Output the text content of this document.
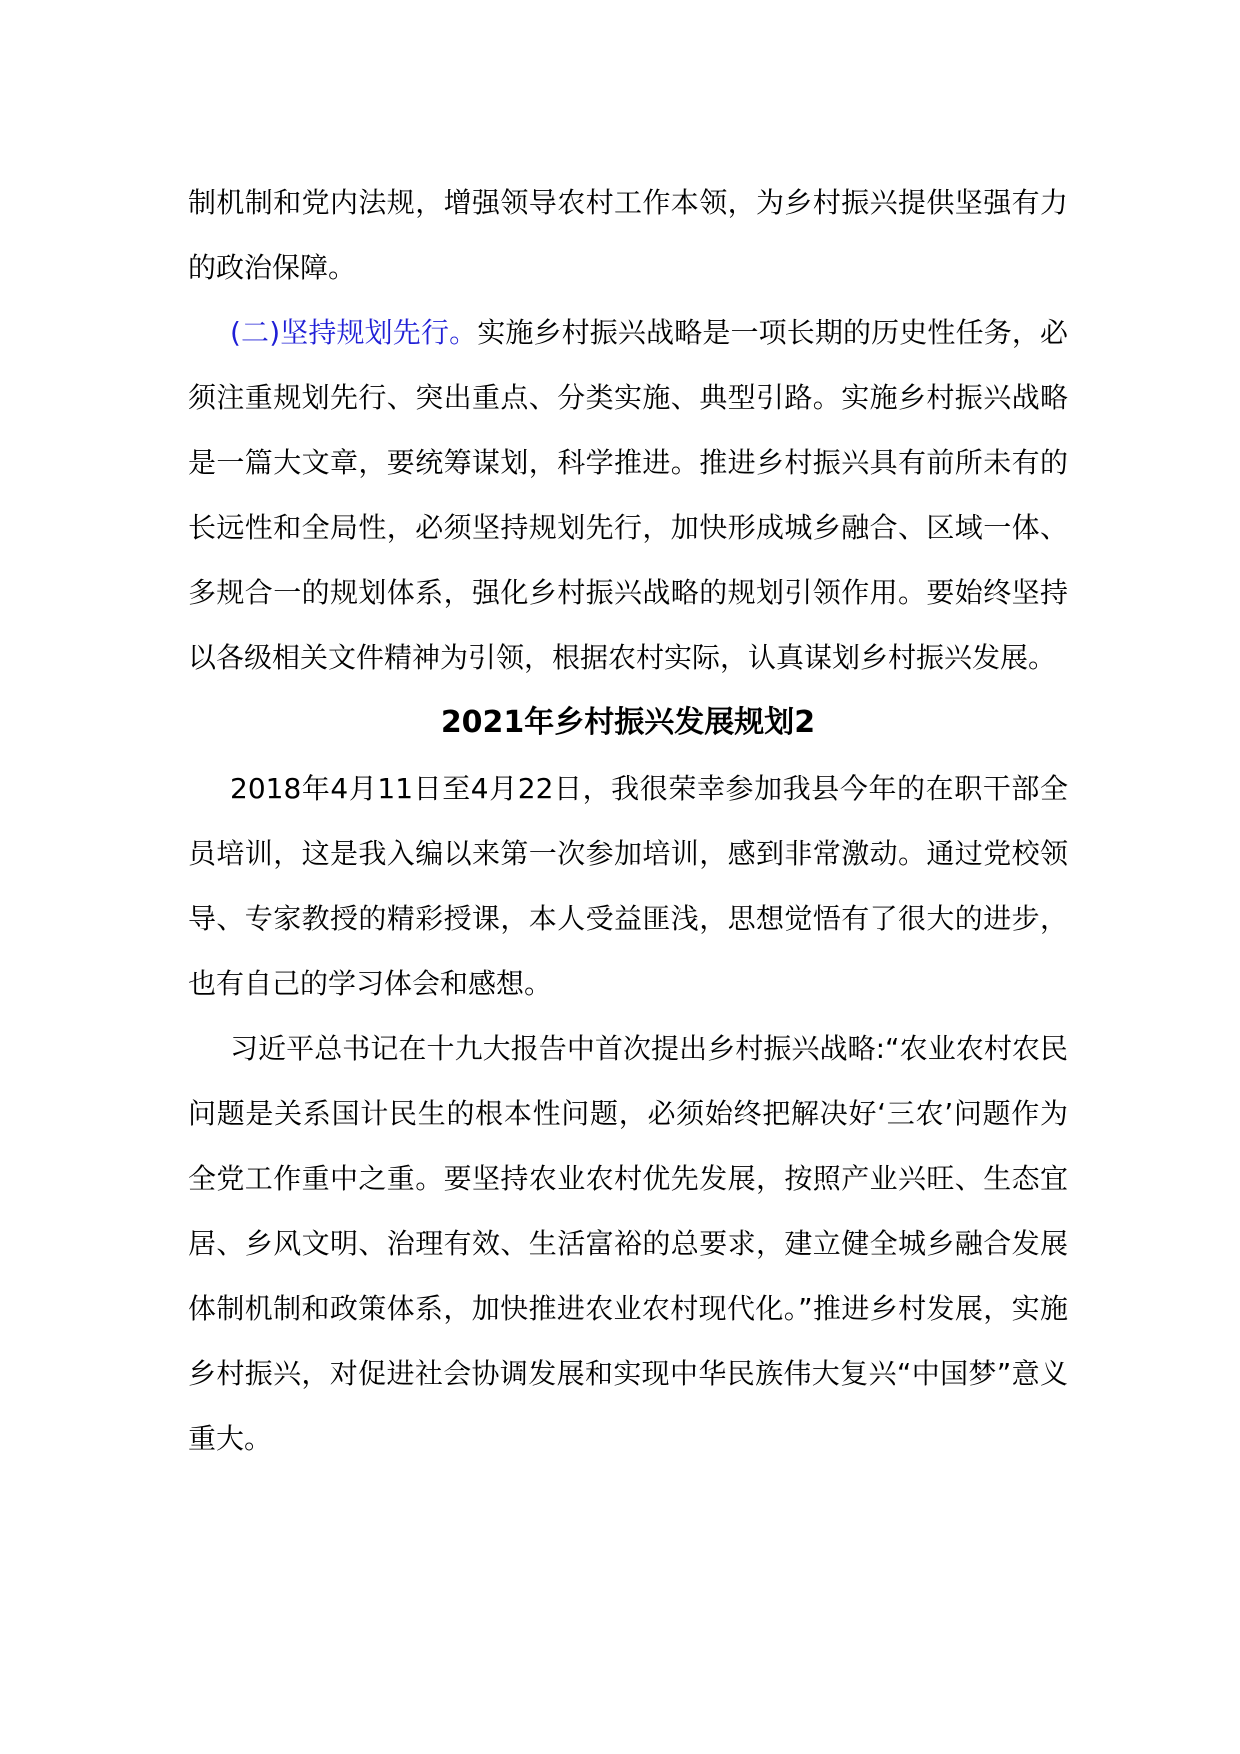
制机制和党内法规，增强领导农村工作本领，为乡村振兴提供坚强有力的政治保障。

(二)坚持规划先行。实施乡村振兴战略是一项长期的历史性任务，必须注重规划先行、突出重点、分类实施、典型引路。实施乡村振兴战略是一篇大文章，要统筹谋划，科学推进。推进乡村振兴具有前所未有的长远性和全局性，必须坚持规划先行，加快形成城乡融合、区域一体、多规合一的规划体系，强化乡村振兴战略的规划引领作用。要始终坚持以各级相关文件精神为引领，根据农村实际，认真谋划乡村振兴发展。

2021年乡村振兴发展规划2

2018年4月11日至4月22日，我很荣幸参加我县今年的在职干部全员培训，这是我入编以来第一次参加培训，感到非常激动。通过党校领导、专家教授的精彩授课，本人受益匪浅，思想觉悟有了很大的进步，也有自己的学习体会和感想。

习近平总书记在十九大报告中首次提出乡村振兴战略:“农业农村农民问题是关系国计民生的根本性问题，必须始终把解决好‘三农’问题作为全党工作重中之重。要坚持农业农村优先发展，按照产业兴旺、生态宜居、乡风文明、治理有效、生活富裕的总要求，建立健全城乡融合发展体制机制和政策体系，加快推进农业农村现代化。”推进乡村发展，实施乡村振兴，对促进社会协调发展和实现中华民族伟大复兴“中国梦”意义重大。
